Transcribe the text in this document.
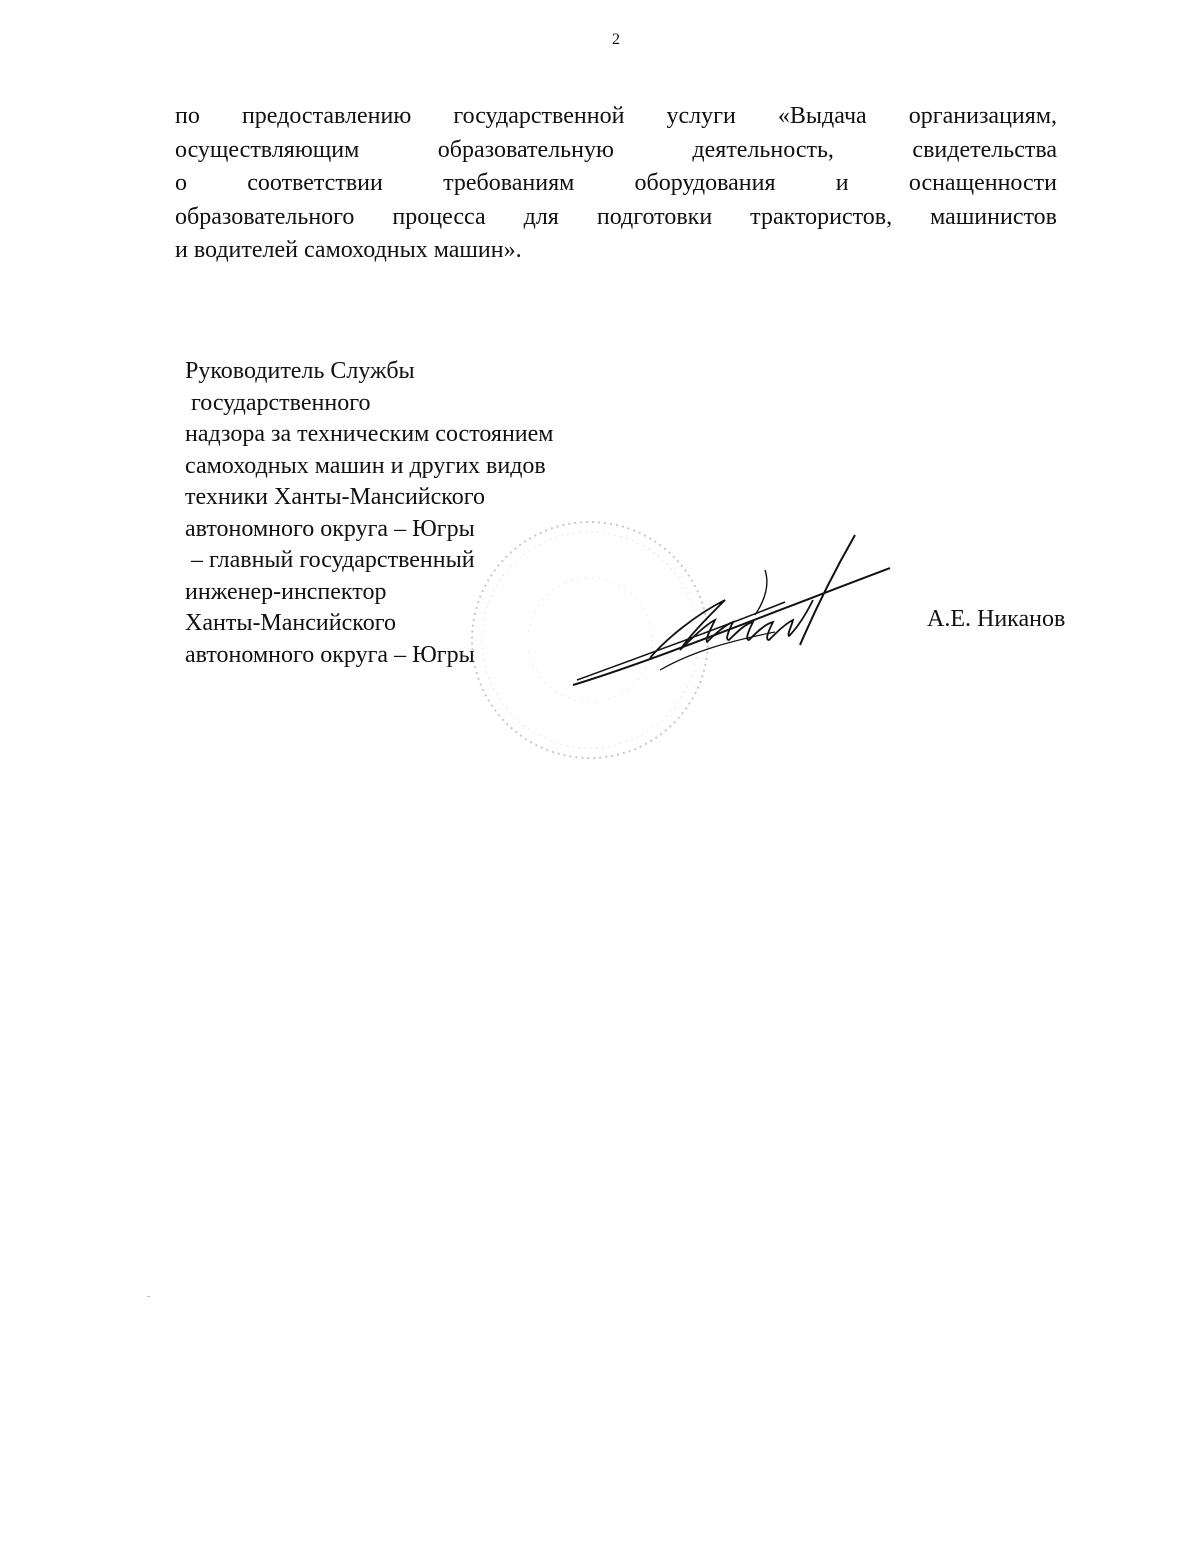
2
по предоставлению государственной услуги «Выдача организациям,
осуществляющим образовательную деятельность, свидетельства
о соответствии требованиям оборудования и оснащенности
образовательного процесса для подготовки трактористов, машинистов
и водителей самоходных машин».
Руководитель Службы
государственного
надзора за техническим состоянием
самоходных машин и других видов
техники Ханты-Мансийского
автономного округа – Югры
– главный государственный
инженер-инспектор
Ханты-Мансийского
автономного округа – Югры
А.Е. Никанов
